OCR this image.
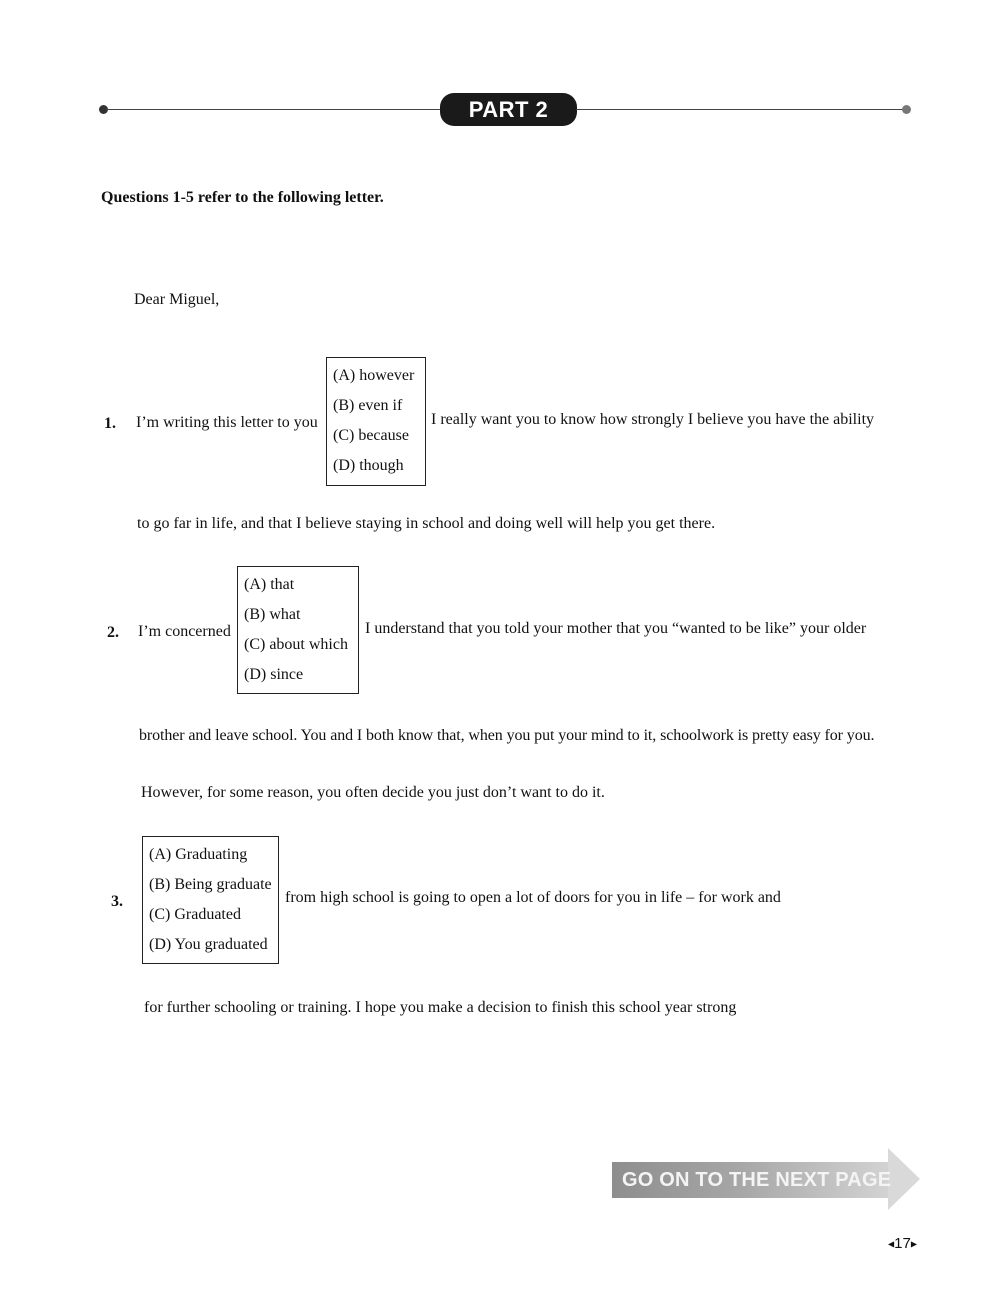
PART 2
Questions 1-5 refer to the following letter.
Dear Miguel,
1. I’m writing this letter to you
(A) however
(B) even if
(C) because
(D) though
I really want you to know how strongly I believe you have the ability
to go far in life, and that I believe staying in school and doing well will help you get there.
2. I’m concerned
(A) that
(B) what
(C) about which
(D) since
I understand that you told your mother that you “wanted to be like” your older
brother and leave school. You and I both know that, when you put your mind to it, schoolwork is pretty easy for you.
However, for some reason, you often decide you just don’t want to do it.
3.
(A) Graduating
(B) Being graduate
(C) Graduated
(D) You graduated
from high school is going to open a lot of doors for you in life – for work and
for further schooling or training. I hope you make a decision to finish this school year strong
GO ON TO THE NEXT PAGE
◀17▶
